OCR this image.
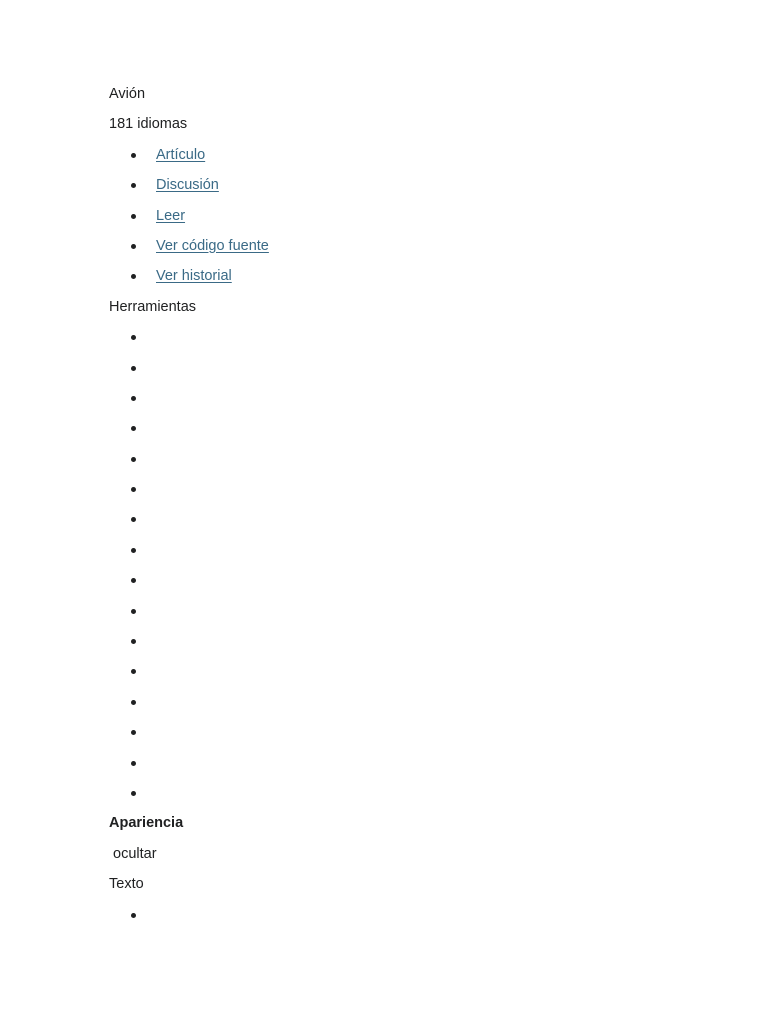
Avión
181 idiomas
Artículo
Discusión
Leer
Ver código fuente
Ver historial
Herramientas
Apariencia
ocultar
Texto
